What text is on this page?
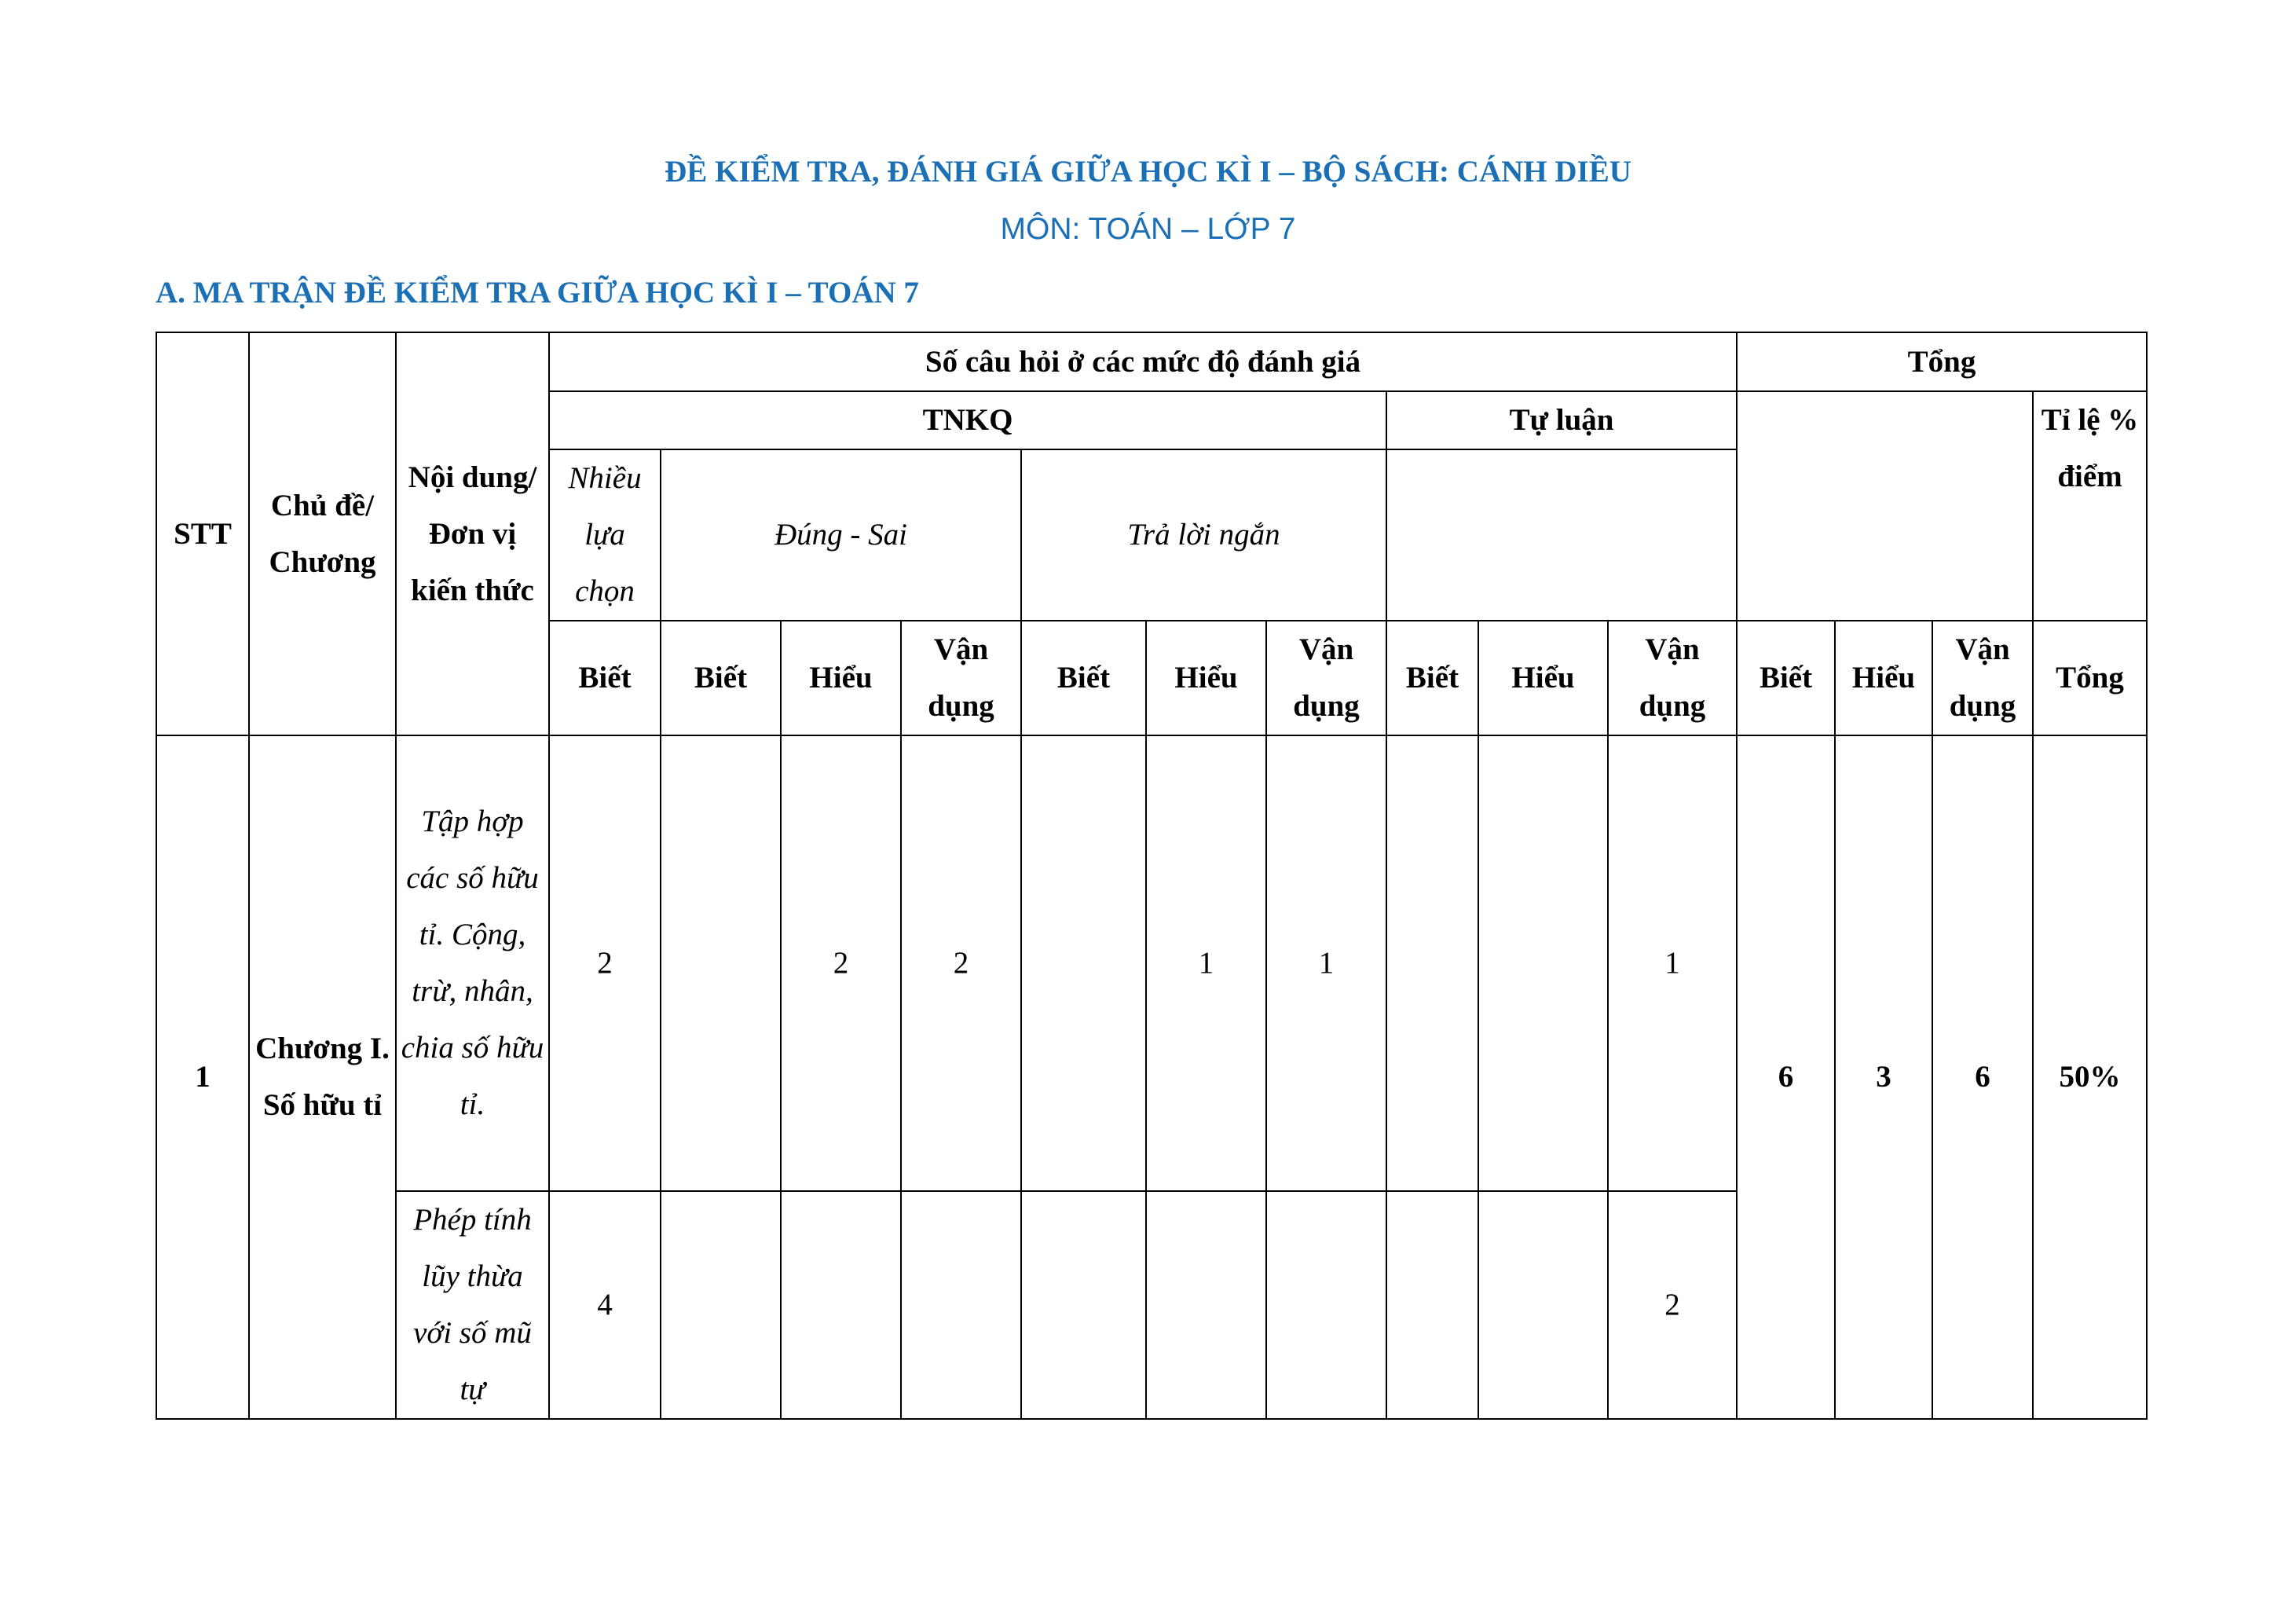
ĐỀ KIỂM TRA, ĐÁNH GIÁ GIỮA HỌC KÌ I – BỘ SÁCH: CÁNH DIỀU
MÔN: TOÁN – LỚP 7
A. MA TRẬN ĐỀ KIỂM TRA GIỮA HỌC KÌ I – TOÁN 7
STT	Chủ đề/ Chương	Nội dung/ Đơn vị kiến thức	Số câu hỏi ở các mức độ đánh giá										Tổng			
			TNKQ							Tự luận						Tỉ lệ % điểm
			Nhiều lựa chọn	Đúng - Sai			Trả lời ngắn									

			Biết	Biết	Hiểu	Vận dụng	Biết	Hiểu	Vận dụng	Biết	Hiểu	Vận dụng	Biết	Hiểu	Vận dụng	Tổng
1	Chương I. Số hữu tỉ	Tập hợp các số hữu tỉ. Cộng, trừ, nhân, chia số hữu tỉ.	2		2	2		1	1			1	6	3	6	50%
		Phép tính lũy thừa với số mũ tự	4									2				
